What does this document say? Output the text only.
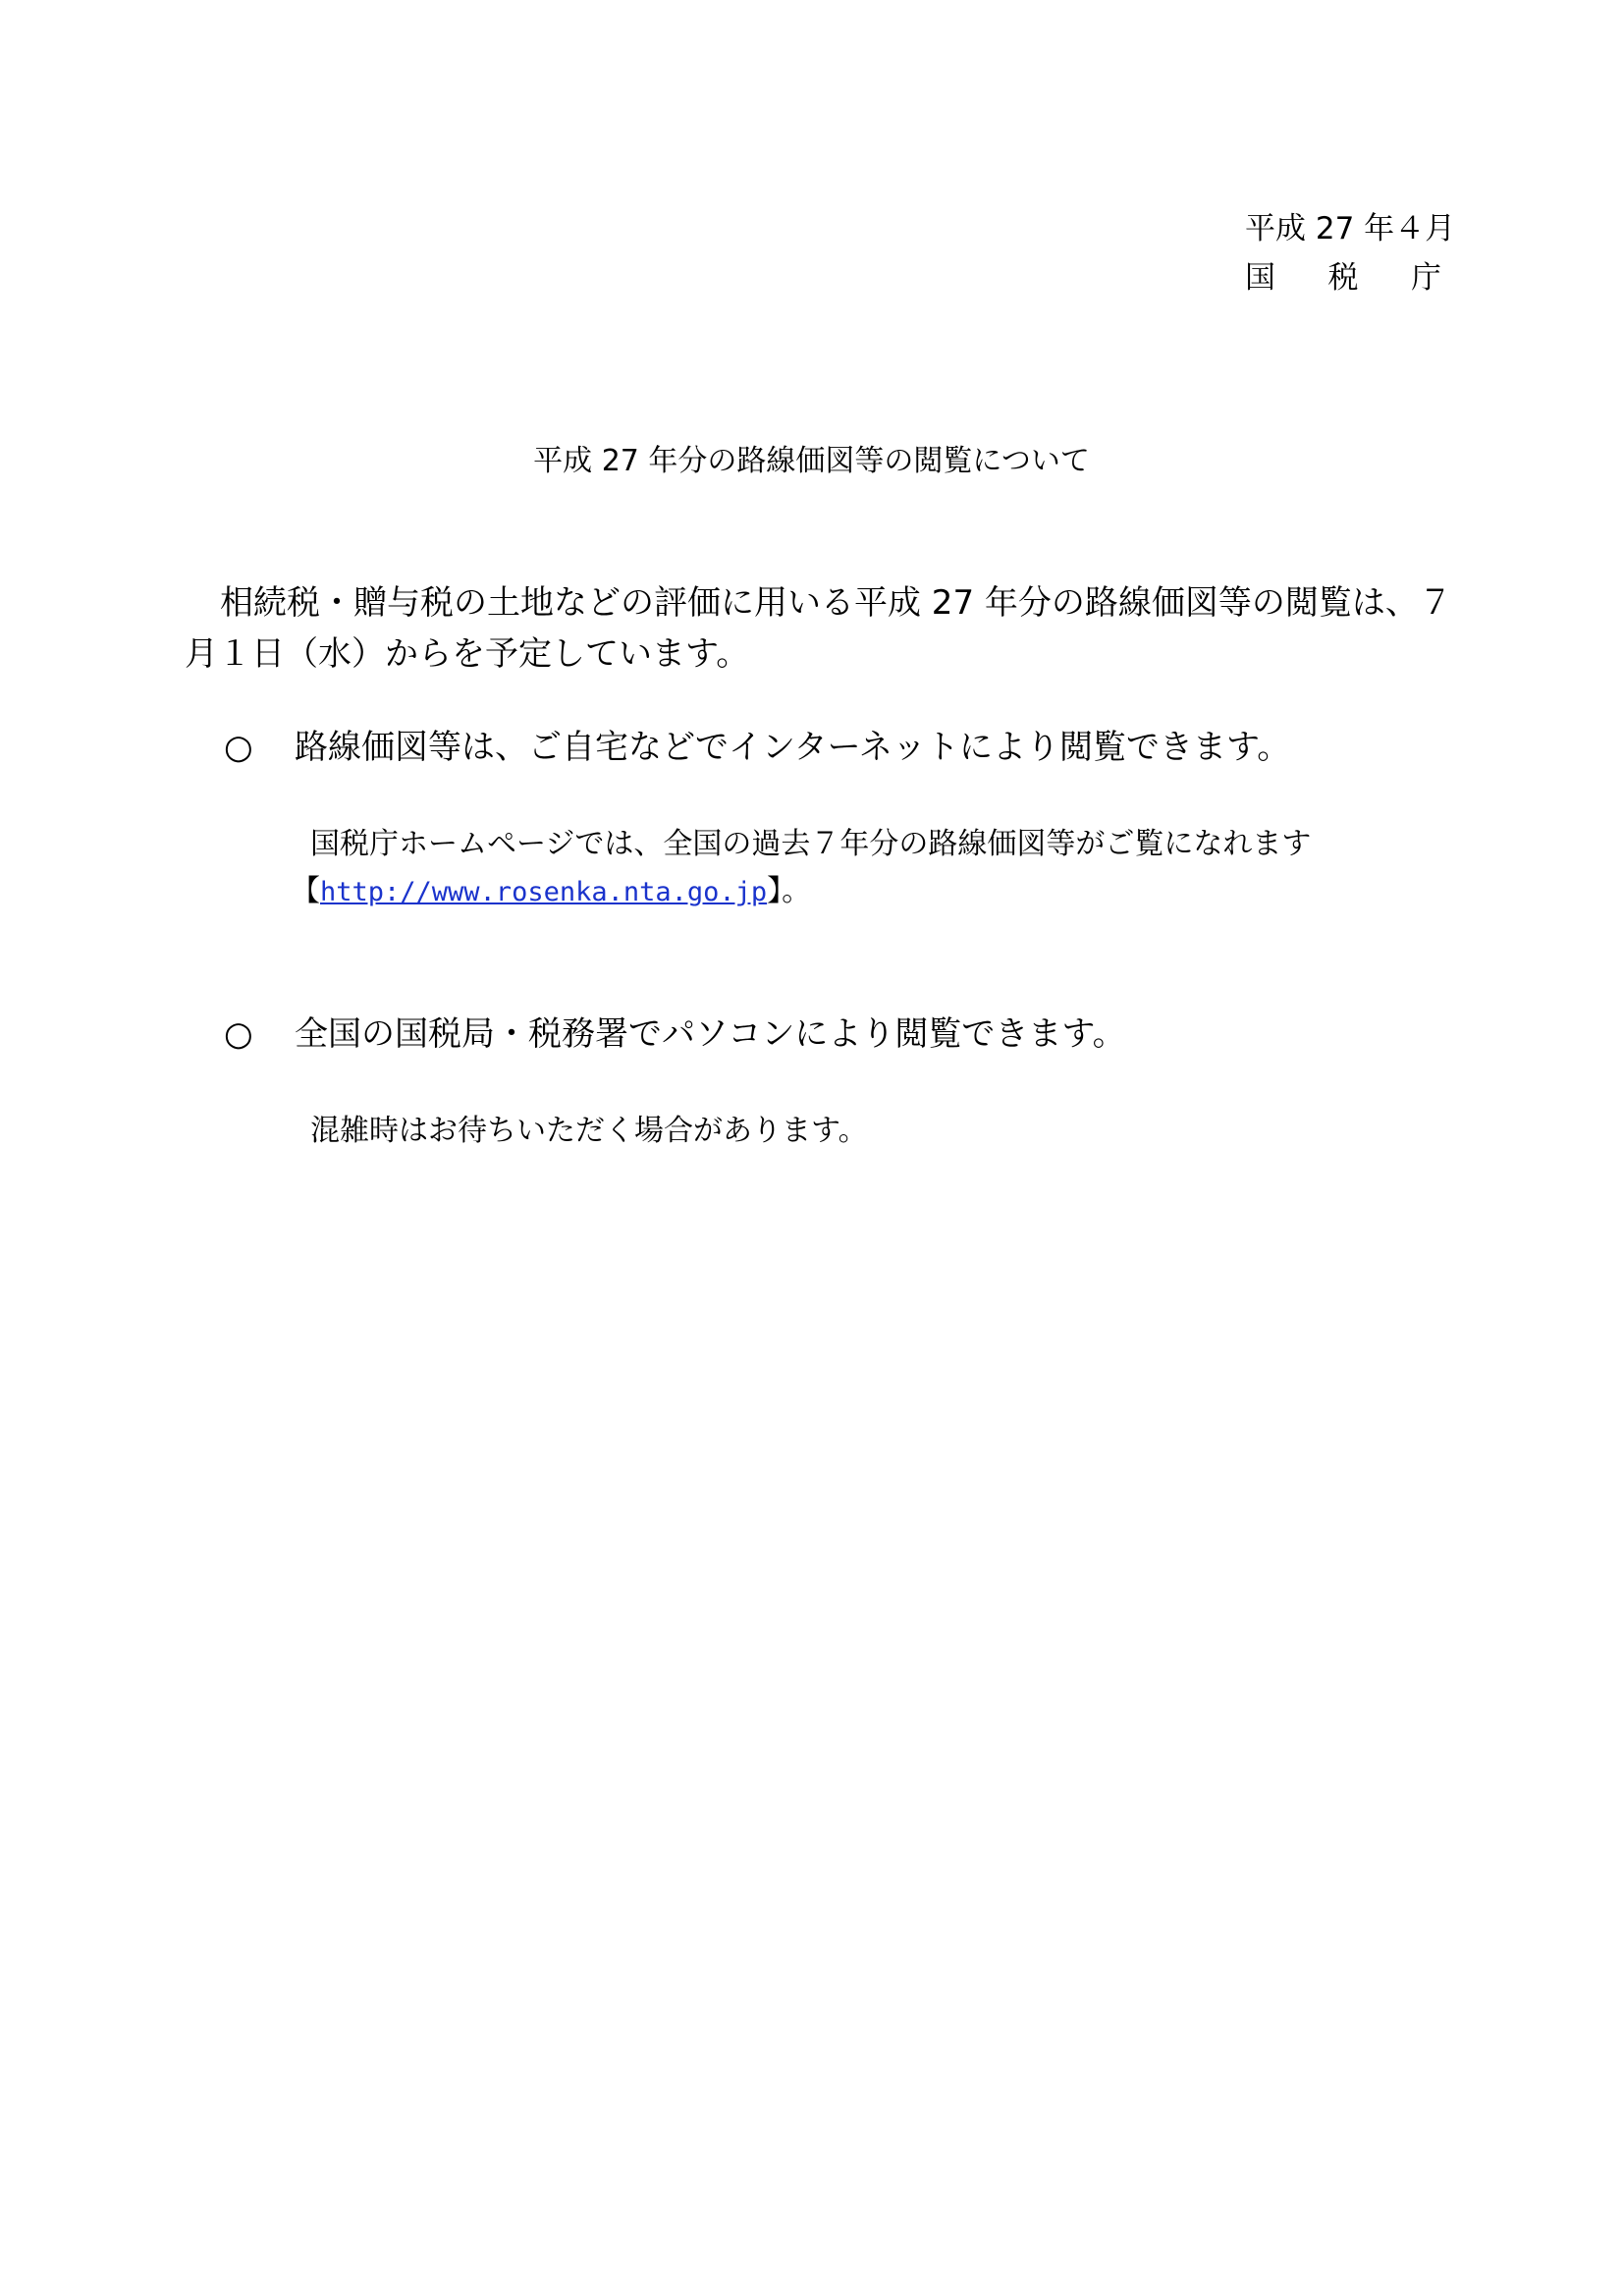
平成 27 年４月
国 税 庁
平成 27 年分の路線価図等の閲覧について

相続税・贈与税の土地などの評価に用いる平成 27 年分の路線価図等の閲覧は、７月１日（水）からを予定しています。

○ 路線価図等は、ご自宅などでインターネットにより閲覧できます。
国税庁ホームページでは、全国の過去７年分の路線価図等がご覧になれます
【http://www.rosenka.nta.go.jp】。
○ 全国の国税局・税務署でパソコンにより閲覧できます。
混雑時はお待ちいただく場合があります。
